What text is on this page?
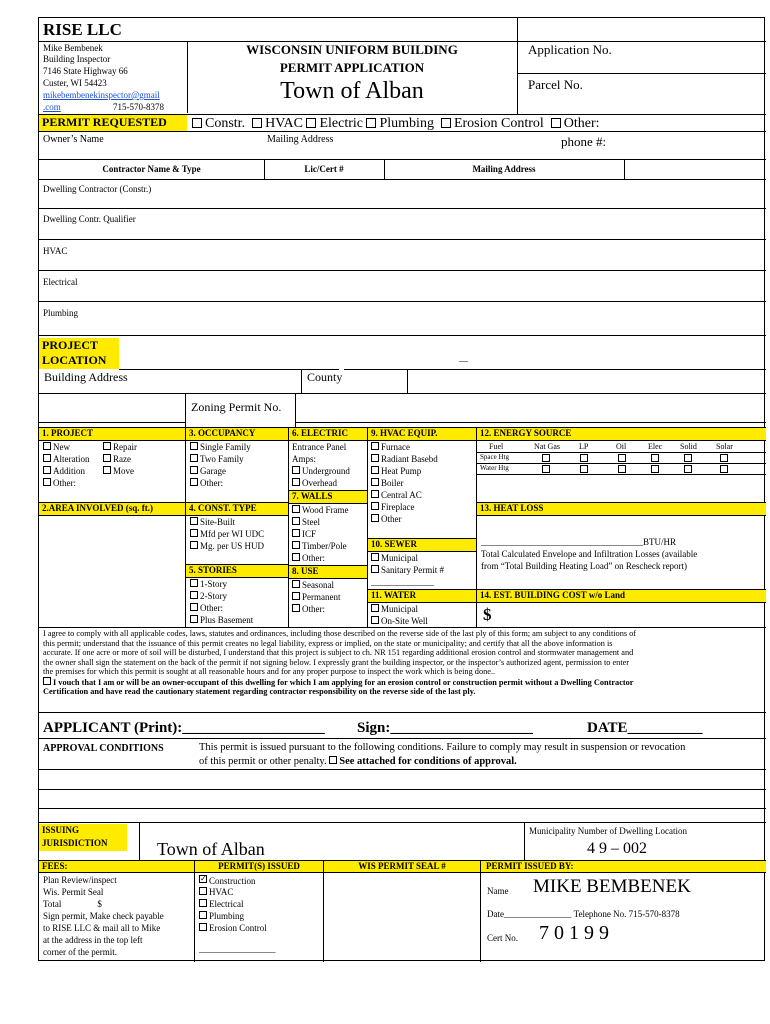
RISE LLC
Mike Bembenek
Building Inspector
7146 State Highway 66
Custer, WI 54423
mikebembenekinspector@gmail
.com	715-570-8378
WISCONSIN UNIFORM BUILDING
PERMIT APPLICATION
Town of Alban
Application No.
Parcel No.
PERMIT REQUESTED	Constr. HVAC Electric Plumbing Erosion Control Other:
Owner’s Name	Mailing Address	phone #:
Contractor Name & Type	Lic/Cert #	Mailing Address
Dwelling Contractor (Constr.)
Dwelling Contr. Qualifier
HVAC
Electrical
Plumbing
PROJECT
LOCATION	__
Building Address	County
Zoning Permit No.
1. PROJECT
New
Alteration
Addition
Other:
Repair
Raze
Move
2.AREA INVOLVED (sq. ft.)
3. OCCUPANCY
Single Family
Two Family
Garage
Other:
4. CONST. TYPE
Site-Built
Mfd per WI UDC
Mg. per US HUD
5. STORIES
1-Story
2-Story
Other:
Plus Basement
6. ELECTRIC
Entrance Panel
Amps:
Underground
Overhead
7. WALLS
Wood Frame
Steel
ICF
Timber/Pole
Other:
8. USE
Seasonal
Permanent
Other:
9. HVAC EQUIP.
Furnace
Radiant Basebd
Heat Pump
Boiler
Central AC
Fireplace
Other
10. SEWER
Municipal
Sanitary Permit #
______________
11. WATER
Municipal
On-Site Well
12. ENERGY SOURCE
Fuel	Nat Gas LP	Oil	Elec Solid Solar
Space Htg
Water Htg
13. HEAT LOSS
____________________________________BTU/HR
Total Calculated Envelope and Infiltration Losses (available
from “Total Building Heating Load” on Rescheck report)
14. EST. BUILDING COST w/o Land
$
I agree to comply with all applicable codes, laws, statutes and ordinances, including those described on the reverse side of the last ply of this form; am subject to any conditions of
this permit; understand that the issuance of this permit creates no legal liability, express or implied, on the state or municipality; and certify that all the above information is
accurate. If one acre or more of soil will be disturbed, I understand that this project is subject to ch. NR 151 regarding additional erosion control and stormwater management and
the owner shall sign the statement on the back of the permit if not signing below. I expressly grant the building inspector, or the inspector’s authorized agent, permission to enter
the premises for which this permit is sought at all reasonable hours and for any proper purpose to inspect the work which is being done..
I vouch that I am or will be an owner-occupant of this dwelling for which I am applying for an erosion control or construction permit without a Dwelling Contractor
Certification and have read the cautionary statement regarding contractor responsibility on the reverse side of the last ply.
APPLICANT (Print):___________________ Sign:___________________	DATE__________
APPROVAL CONDITIONS	This permit is issued pursuant to the following conditions. Failure to comply may result in suspension or revocation
of this permit or other penalty. See attached for conditions of approval.
ISSUING
JURISDICTION	Town of Alban
Municipality Number of Dwelling Location
4 9 – 002
FEES:
Plan Review/inspect
Wis. Permit Seal
Total                $
Sign permit, Make check payable
to RISE LLC & mail all to Mike
at the address in the top left
corner of the permit.
PERMIT(S) ISSUED
✓Construction
HVAC
Electrical
Plumbing
Erosion Control
_________________
WIS PERMIT SEAL #	PERMIT ISSUED BY:
Name MIKE BEMBENEK
Date_______________ Telephone No. 715-570-8378
Cert No. 7 0 1 9 9
